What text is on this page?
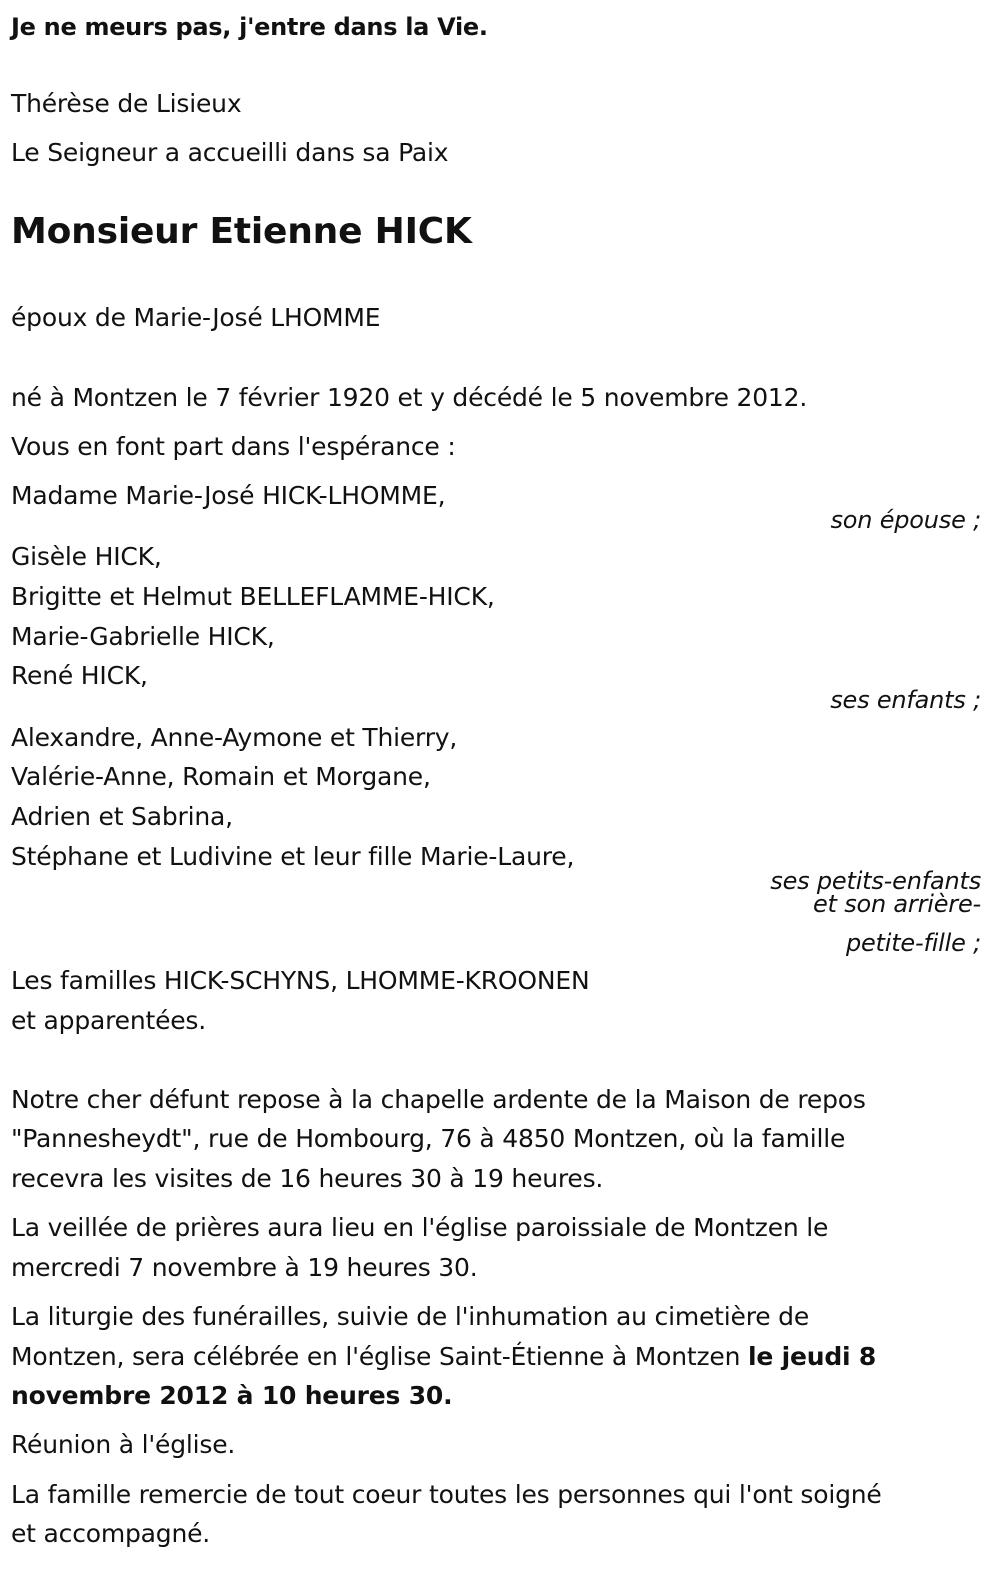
Je ne meurs pas, j'entre dans la Vie.
Thérèse de Lisieux
Le Seigneur a accueilli dans sa Paix
Monsieur Etienne HICK
époux de Marie-José LHOMME
né à Montzen le 7 février 1920 et y décédé le 5 novembre 2012.
Vous en font part dans l'espérance :
Madame Marie-José HICK-LHOMME,
son épouse ;
Gisèle HICK,
Brigitte et Helmut BELLEFLAMME-HICK,
Marie-Gabrielle HICK,
René HICK,
ses enfants ;
Alexandre, Anne-Aymone et Thierry,
Valérie-Anne, Romain et Morgane,
Adrien et Sabrina,
Stéphane et Ludivine et leur fille Marie-Laure,
ses petits-enfants
et son arrière-
petite-fille ;
Les familles HICK-SCHYNS, LHOMME-KROONEN
et apparentées.
Notre cher défunt repose à la chapelle ardente de la Maison de repos
"Pannesheydt", rue de Hombourg, 76 à 4850 Montzen, où la famille
recevra les visites de 16 heures 30 à 19 heures.
La veillée de prières aura lieu en l'église paroissiale de Montzen le
mercredi 7 novembre à 19 heures 30.
La liturgie des funérailles, suivie de l'inhumation au cimetière de
Montzen, sera célébrée en l'église Saint-Étienne à Montzen le jeudi 8
novembre 2012 à 10 heures 30.
Réunion à l'église.
La famille remercie de tout coeur toutes les personnes qui l'ont soigné
et accompagné.
